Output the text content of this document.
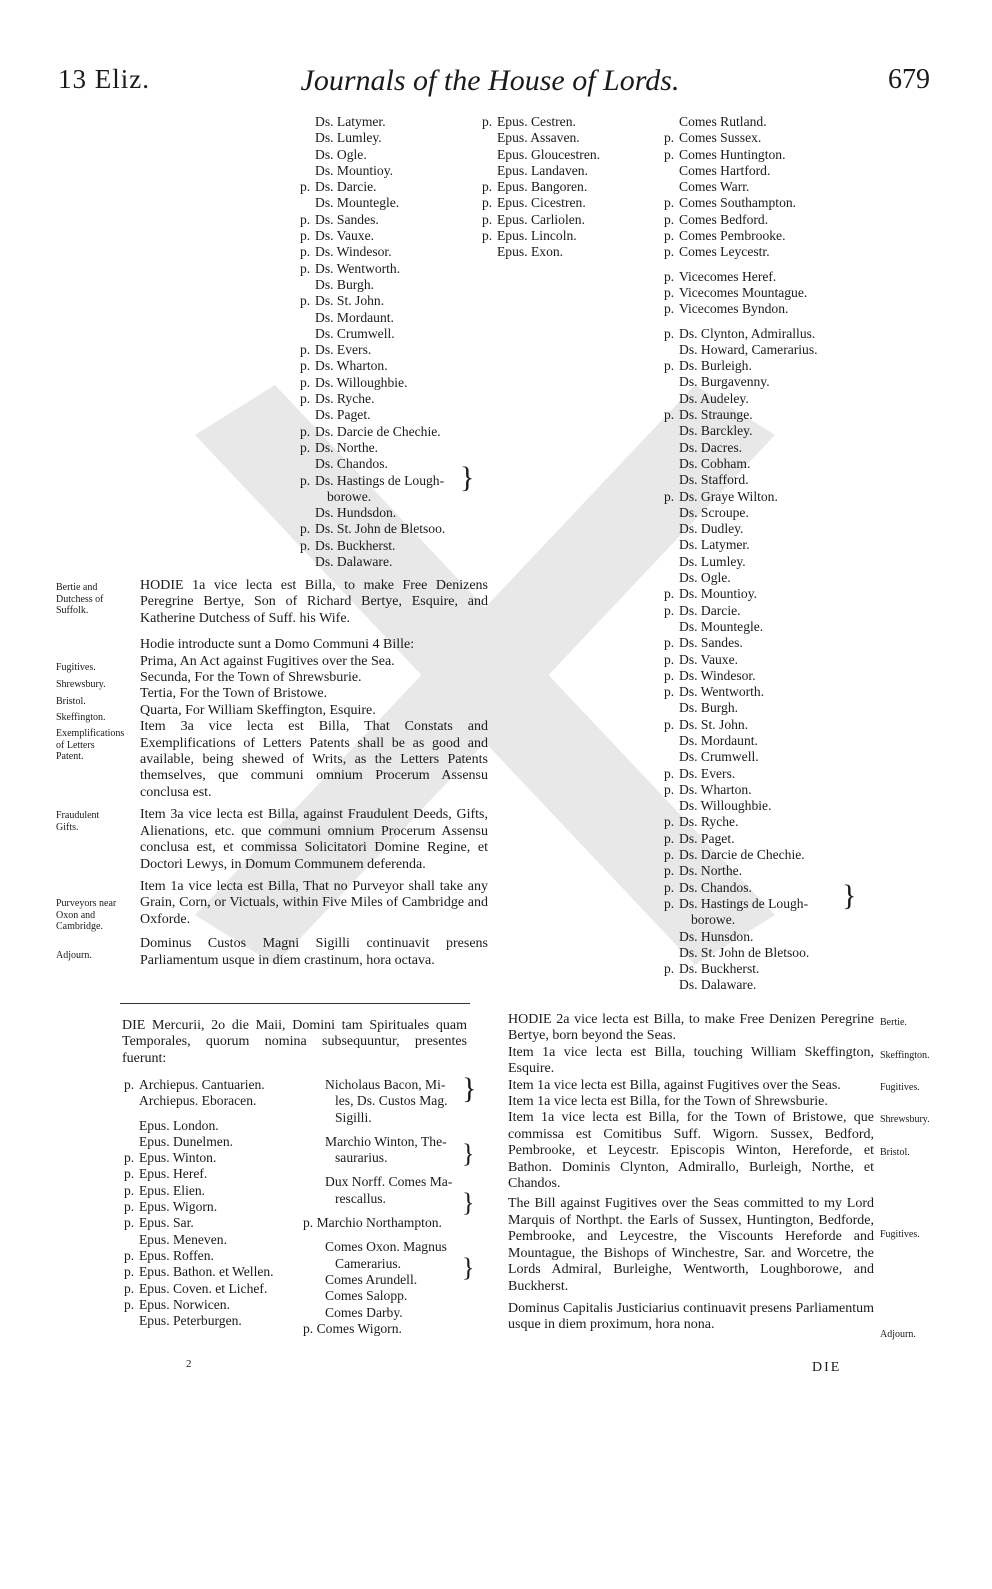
13 Eliz.	Journals of the House of Lords.	679
Ds. Latymer.
Ds. Lumley.
Ds. Ogle.
Ds. Mountioy.
p. Ds. Darcie.
Ds. Mountegle.
p. Ds. Sandes.
p. Ds. Vauxe.
p. Ds. Windesor.
p. Ds. Wentworth.
Ds. Burgh.
p. Ds. St. John.
Ds. Mordaunt.
Ds. Crumwell.
p. Ds. Evers.
p. Ds. Wharton.
p. Ds. Willoughbie.
p. Ds. Ryche.
Ds. Paget.
p. Ds. Darcie de Chechie.
p. Ds. Northe.
Ds. Chandos.
p. Ds. Hastings de Lough-
borowe.
Ds. Hundsdon.
p. Ds. St. John de Bletsoo.
p. Ds. Buckherst.
Ds. Dalaware.
}
p. Epus. Cestren.
Epus. Assaven.
Epus. Gloucestren.
Epus. Landaven.
p. Epus. Bangoren.
p. Epus. Cicestren.
p. Epus. Carliolen.
p. Epus. Lincoln.
Epus. Exon.
Comes Rutland.
p. Comes Sussex.
p. Comes Huntington.
Comes Hartford.
Comes Warr.
p. Comes Southampton.
p. Comes Bedford.
p. Comes Pembrooke.
p. Comes Leycestr.
p. Vicecomes Heref.
p. Vicecomes Mountague.
p. Vicecomes Byndon.
p. Ds. Clynton, Admirallus.
Ds. Howard, Camerarius.
p. Ds. Burleigh.
Ds. Burgavenny.
Ds. Audeley.
p. Ds. Straunge.
Ds. Barckley.
Ds. Dacres.
Ds. Cobham.
Ds. Stafford.
p. Ds. Graye Wilton.
Ds. Scroupe.
Ds. Dudley.
Ds. Latymer.
Ds. Lumley.
Ds. Ogle.
p. Ds. Mountioy.
p. Ds. Darcie.
Ds. Mountegle.
p. Ds. Sandes.
p. Ds. Vauxe.
p. Ds. Windesor.
p. Ds. Wentworth.
Ds. Burgh.
p. Ds. St. John.
Ds. Mordaunt.
Ds. Crumwell.
p. Ds. Evers.
p. Ds. Wharton.
Ds. Willoughbie.
p. Ds. Ryche.
p. Ds. Paget.
p. Ds. Darcie de Chechie.
p. Ds. Northe.
p. Ds. Chandos.
p. Ds. Hastings de Lough-
borowe.
Ds. Hunsdon.
Ds. St. John de Bletsoo.
p. Ds. Buckherst.
Ds. Dalaware.
}
Bertie and Dutchess of Suffolk.
Fugitives.
Shrewsbury.
Bristol.
Skeffington.
Exemplifications of Letters Patent.
Fraudulent Gifts.
Purveyors near Oxon and Cambridge.
Adjourn.

HODIE 1a vice lecta est Billa, to make Free Denizens Peregrine Bertye, Son of Richard Bertye, Esquire, and Katherine Dutchess of Suff. his Wife.

Hodie introducte sunt a Domo Communi 4 Bille:

Prima, An Act against Fugitives over the Sea.

Secunda, For the Town of Shrewsburie.

Tertia, For the Town of Bristowe.

Quarta, For William Skeffington, Esquire.

Item 3a vice lecta est Billa, That Constats and Exemplifications of Letters Patents shall be as good and available, being shewed of Writs, as the Letters Patents themselves, que communi omnium Procerum Assensu conclusa est.

Item 3a vice lecta est Billa, against Fraudulent Deeds, Gifts, Alienations, etc. que communi omnium Procerum Assensu conclusa est, et commissa Solicitatori Domine Regine, et Doctori Lewys, in Domum Communem deferenda.

Item 1a vice lecta est Billa, That no Purveyor shall take any Grain, Corn, or Victuals, within Five Miles of Cambridge and Oxforde.

Dominus Custos Magni Sigilli continuavit presens Parliamentum usque in diem crastinum, hora octava.

DIE Mercurii, 2o die Maii, Domini tam Spirituales quam Temporales, quorum nomina subsequuntur, presentes fuerunt:
p. Archiepus. Cantuarien.
Archiepus. Eboracen.
Epus. London.
Epus. Dunelmen.
p. Epus. Winton.
p. Epus. Heref.
p. Epus. Elien.
p. Epus. Wigorn.
p. Epus. Sar.
Epus. Meneven.
p. Epus. Roffen.
p. Epus. Bathon. et Wellen.
p. Epus. Coven. et Lichef.
p. Epus. Norwicen.
Epus. Peterburgen.
Nicholaus Bacon, Mi-
les, Ds. Custos Mag.
Sigilli.
Marchio Winton, The-
saurarius.
Dux Norff. Comes Ma-
rescallus.
p. Marchio Northampton.
Comes Oxon. Magnus
Camerarius.
Comes Arundell.
Comes Salopp.
Comes Darby.
p. Comes Wigorn.
}
}
}
}
2
Bertie.
Skeffington.
Fugitives.
Shrewsbury.
Bristol.
Fugitives.
Adjourn.

HODIE 2a vice lecta est Billa, to make Free Denizen Peregrine Bertye, born beyond the Seas.

Item 1a vice lecta est Billa, touching William Skeffington, Esquire.

Item 1a vice lecta est Billa, against Fugitives over the Seas.

Item 1a vice lecta est Billa, for the Town of Shrewsburie.

Item 1a vice lecta est Billa, for the Town of Bristowe, que commissa est Comitibus Suff. Wigorn. Sussex, Bedford, Pembrooke, et Leycestr. Episcopis Winton, Hereforde, et Bathon. Dominis Clynton, Admirallo, Burleigh, Northe, et Chandos.

The Bill against Fugitives over the Seas committed to my Lord Marquis of Northpt. the Earls of Sussex, Huntington, Bedforde, Pembrooke, and Leycestre, the Viscounts Hereforde and Mountague, the Bishops of Winchestre, Sar. and Worcetre, the Lords Admiral, Burleighe, Wentworth, Loughborowe, and Buckherst.

Dominus Capitalis Justiciarius continuavit presens Parliamentum usque in diem proximum, hora nona.

DIE
